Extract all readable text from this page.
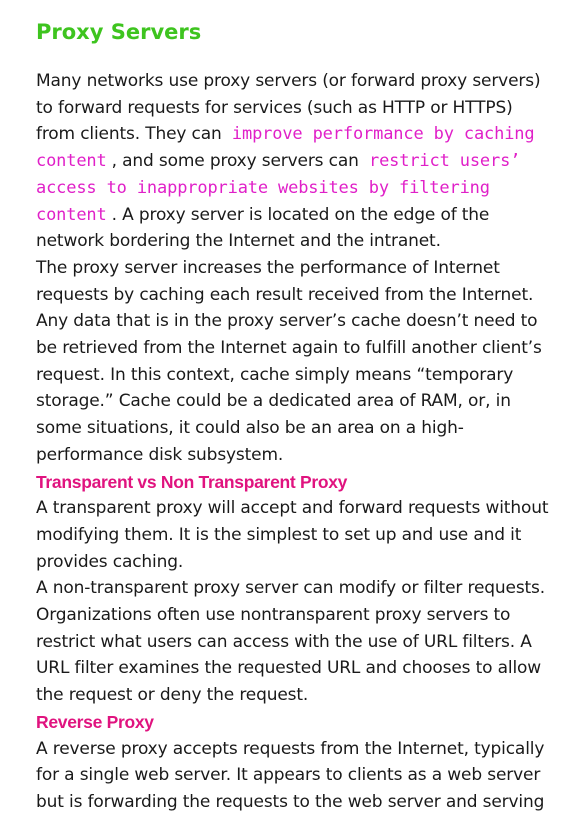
Proxy Servers

Many networks use proxy servers (or forward proxy servers) to forward requests for services (such as HTTP or HTTPS) from clients. They can improve performance by caching content , and some proxy servers can restrict users’ access to inappropriate websites by filtering content . A proxy server is located on the edge of the network bordering the Internet and the intranet.

The proxy server increases the performance of Internet requests by caching each result received from the Internet. Any data that is in the proxy server’s cache doesn’t need to be retrieved from the Internet again to fulfill another client’s request. In this context, cache simply means “temporary storage.” Cache could be a dedicated area of RAM, or, in some situations, it could also be an area on a high-performance disk subsystem.

Transparent vs Non Transparent Proxy

A transparent proxy will accept and forward requests without modifying them. It is the simplest to set up and use and it provides caching.

A non-transparent proxy server can modify or filter requests. Organizations often use nontransparent proxy servers to restrict what users can access with the use of URL filters. A URL filter examines the requested URL and chooses to allow the request or deny the request.

Reverse Proxy

A reverse proxy accepts requests from the Internet, typically for a single web server. It appears to clients as a web server but is forwarding the requests to the web server and serving
